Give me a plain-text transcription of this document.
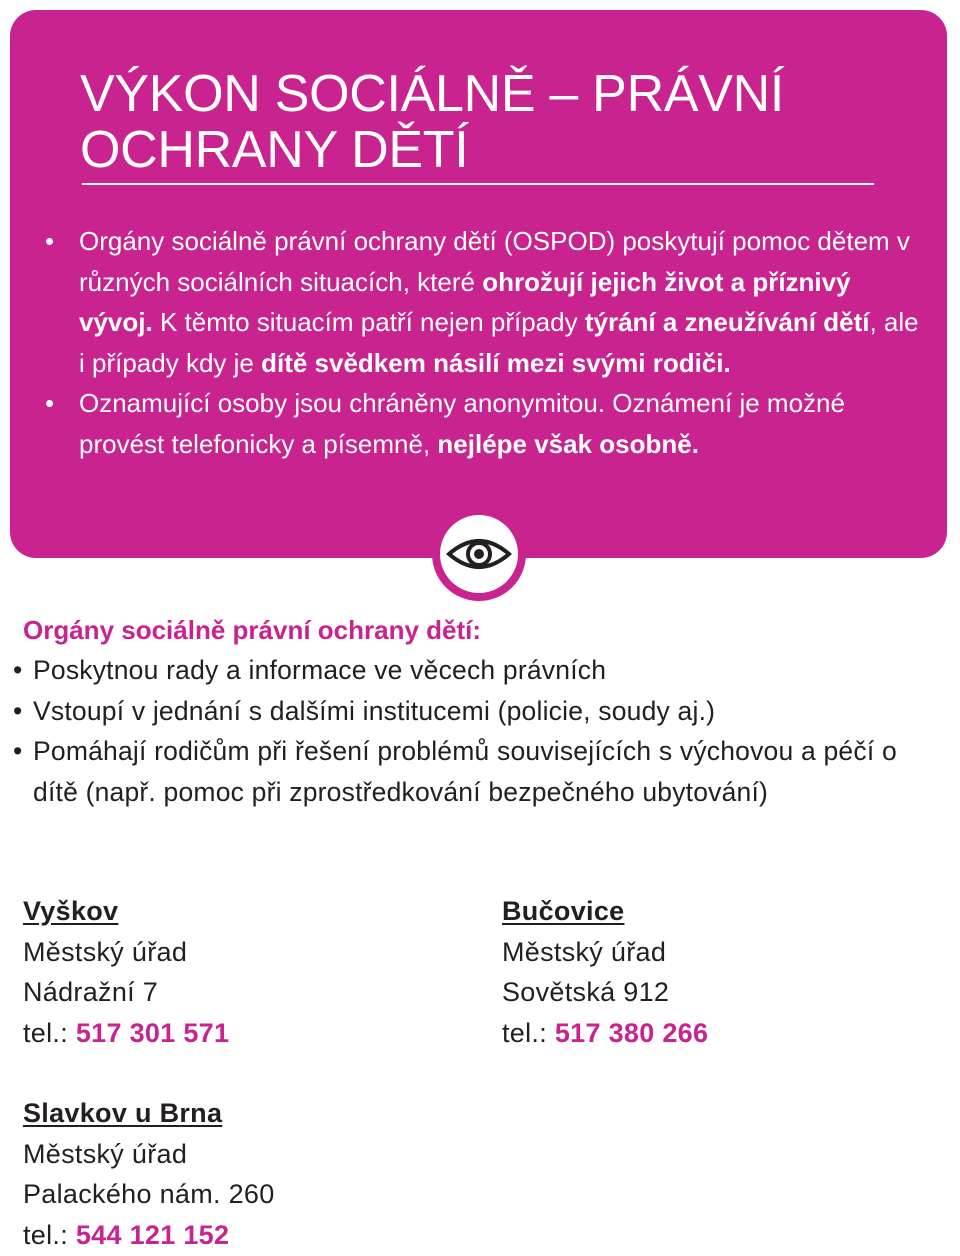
VÝKON SOCIÁLNĚ – PRÁVNÍ
OCHRANY DĚTÍ
• Orgány sociálně právní ochrany dětí (OSPOD) poskytují pomoc dětem v různých sociálních situacích, které ohrožují jejich život a příznivý vývoj. K těmto situacím patří nejen případy týrání a zneužívání dětí, ale i případy kdy je dítě svědkem násilí mezi svými rodiči.
• Oznamující osoby jsou chráněny anonymitou. Oznámení je možné provést telefonicky a písemně, nejlépe však osobně.
Orgány sociálně právní ochrany dětí:
• Poskytnou rady a informace ve věcech právních
• Vstoupí v jednání s dalšími institucemi (policie, soudy aj.)
• Pomáhají rodičům při řešení problémů souvisejících s výchovou a péčí o dítě (např. pomoc při zprostředkování bezpečného ubytování)
Vyškov
Městský úřad
Nádražní 7
tel.: 517 301 571
Bučovice
Městský úřad
Sovětská 912
tel.: 517 380 266
Slavkov u Brna
Městský úřad
Palackého nám. 260
tel.: 544 121 152
